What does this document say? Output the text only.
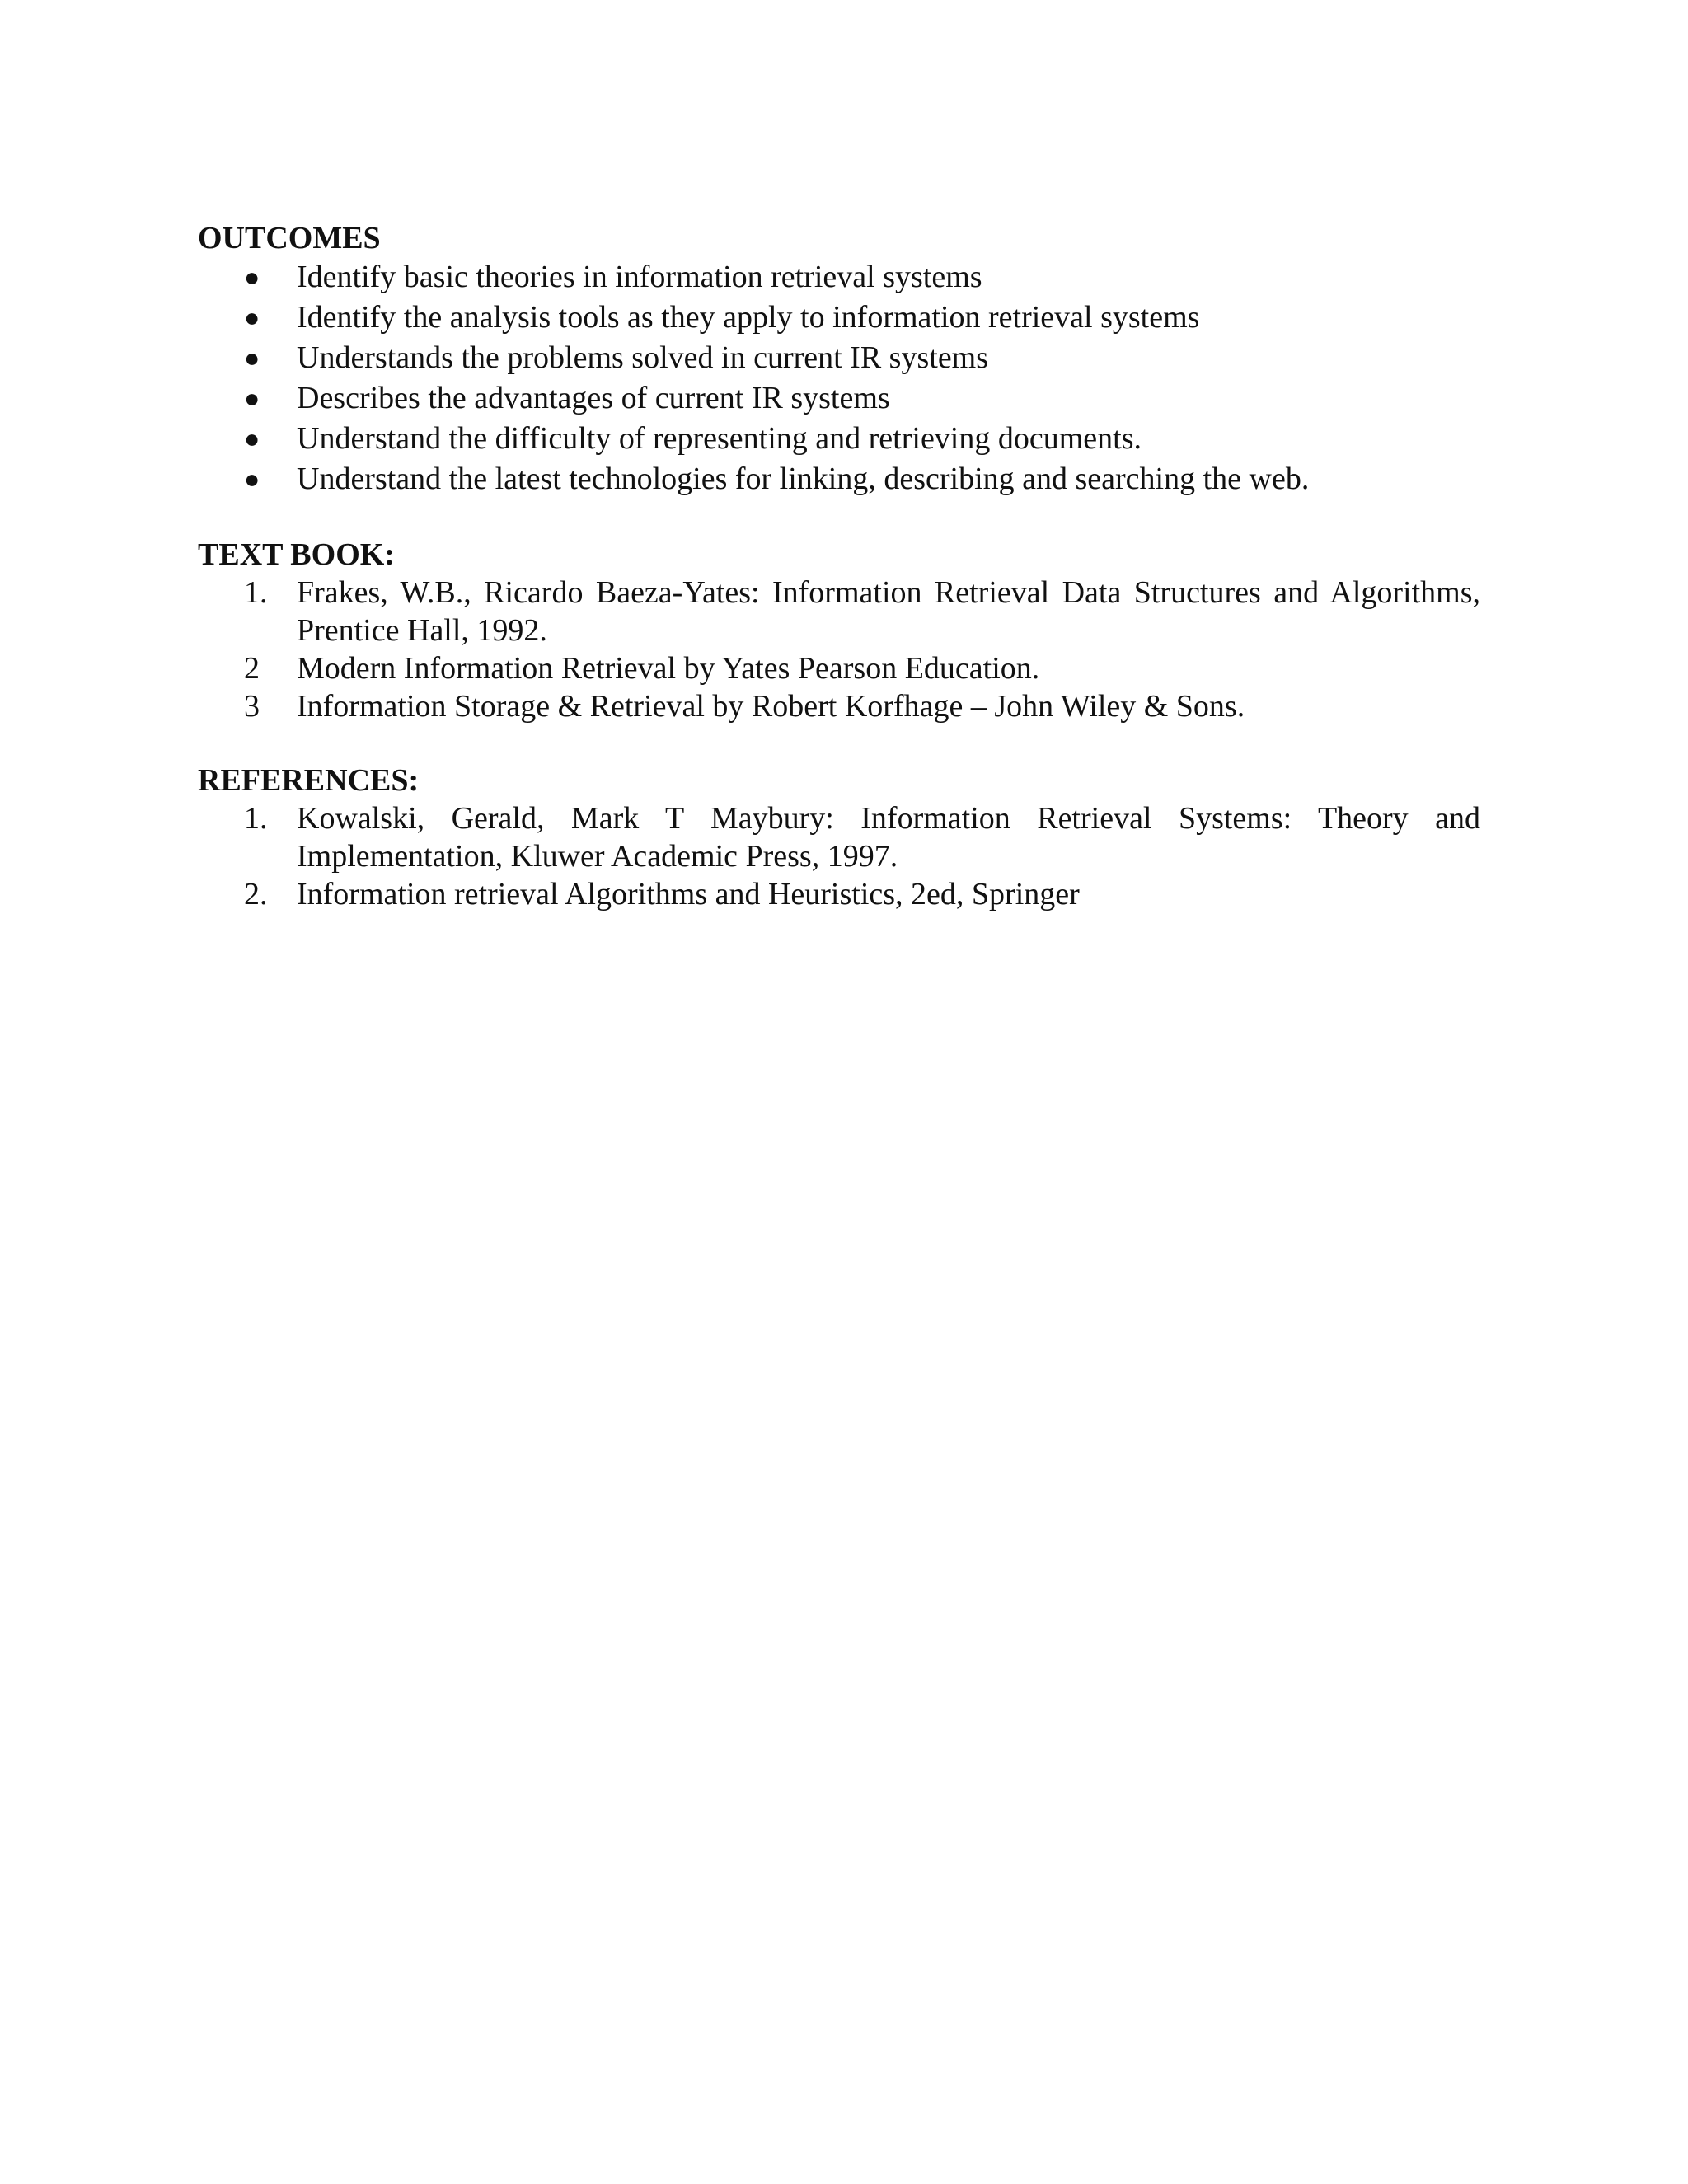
OUTCOMES
● Identify basic theories in information retrieval systems
● Identify the analysis tools as they apply to information retrieval systems
● Understands the problems solved in current IR systems
● Describes the advantages of current IR systems
● Understand the difficulty of representing and retrieving documents.
● Understand the latest technologies for linking, describing and searching the web.
TEXT BOOK:
1. Frakes, W.B., Ricardo Baeza-Yates: Information Retrieval Data Structures and Algorithms, Prentice Hall, 1992.
2 Modern Information Retrieval by Yates Pearson Education.
3 Information Storage & Retrieval by Robert Korfhage – John Wiley & Sons.
REFERENCES:
1. Kowalski, Gerald, Mark T Maybury: Information Retrieval Systems: Theory and Implementation, Kluwer Academic Press, 1997.
2. Information retrieval Algorithms and Heuristics, 2ed, Springer
